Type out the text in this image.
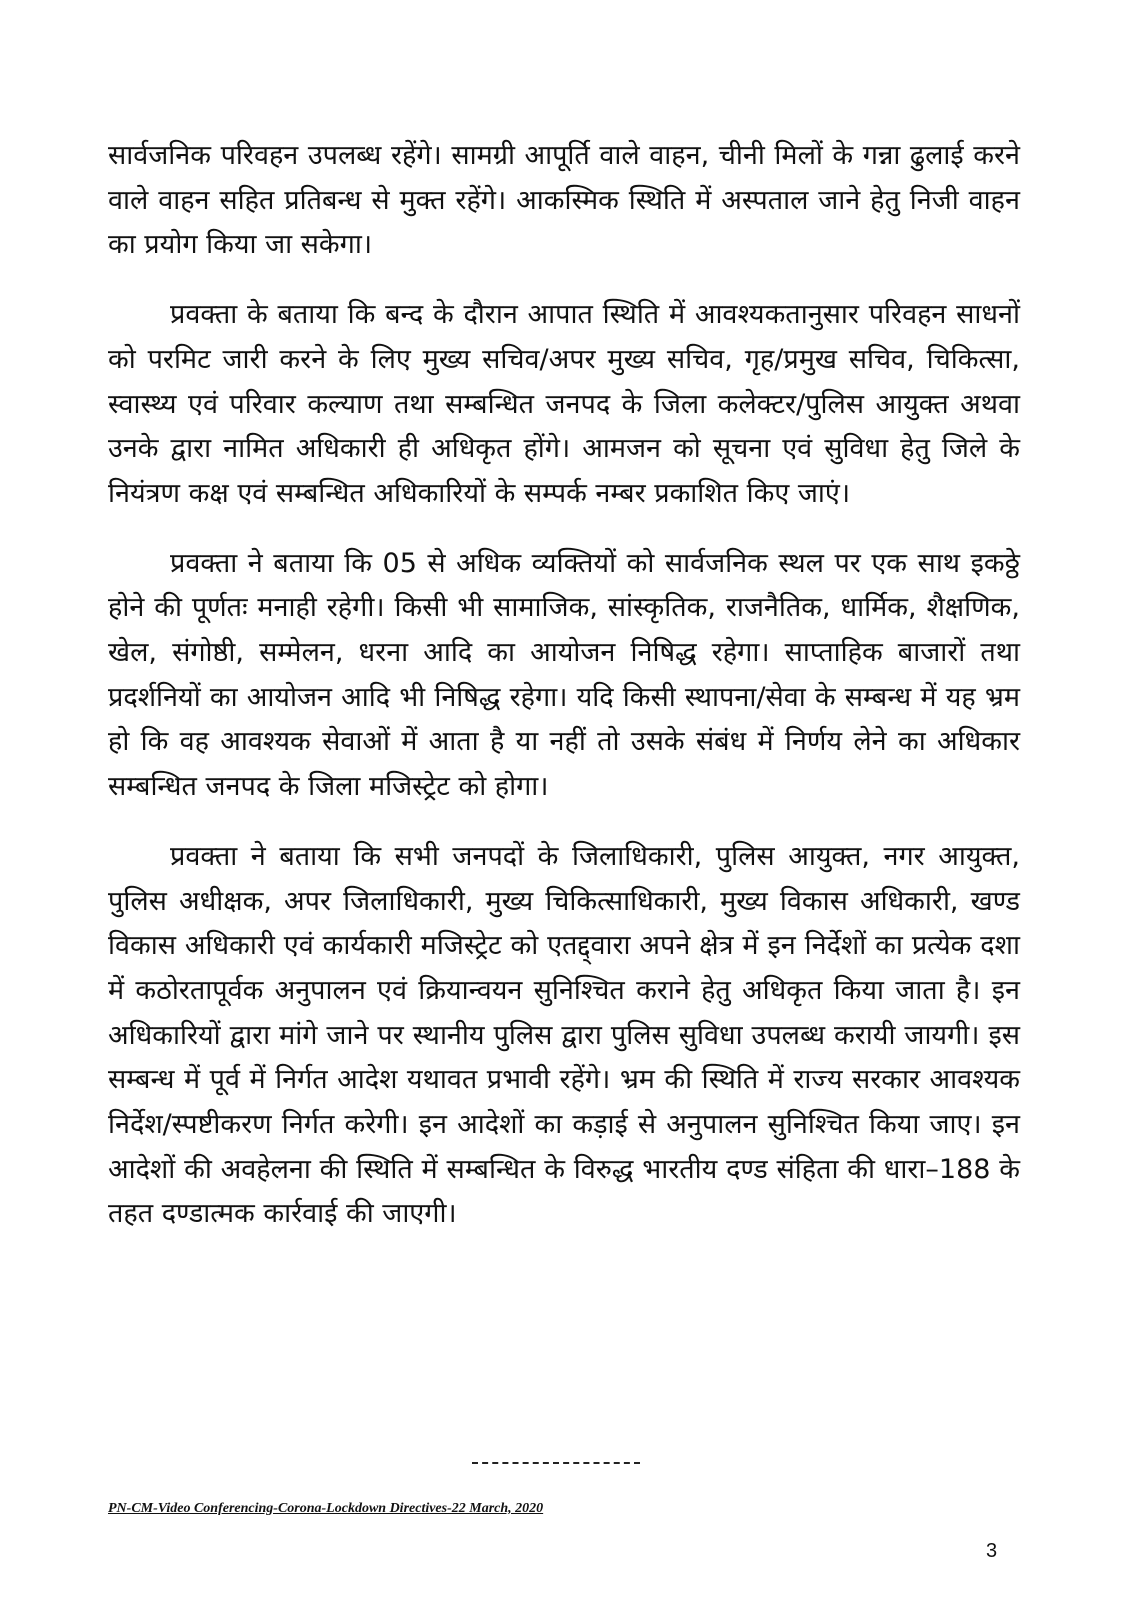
सार्वजनिक परिवहन उपलब्ध रहेंगे। सामग्री आपूर्ति वाले वाहन, चीनी मिलों के गन्ना ढुलाई करने वाले वाहन सहित प्रतिबन्ध से मुक्त रहेंगे। आकस्मिक स्थिति में अस्पताल जाने हेतु निजी वाहन का प्रयोग किया जा सकेगा।

प्रवक्ता के बताया कि बन्द के दौरान आपात स्थिति में आवश्यकतानुसार परिवहन साधनों को परमिट जारी करने के लिए मुख्य सचिव/अपर मुख्य सचिव, गृह/प्रमुख सचिव, चिकित्सा, स्वास्थ्य एवं परिवार कल्याण तथा सम्बन्धित जनपद के जिला कलेक्टर/पुलिस आयुक्त अथवा उनके द्वारा नामित अधिकारी ही अधिकृत होंगे। आमजन को सूचना एवं सुविधा हेतु जिले के नियंत्रण कक्ष एवं सम्बन्धित अधिकारियों के सम्पर्क नम्बर प्रकाशित किए जाएं।

प्रवक्ता ने बताया कि 05 से अधिक व्यक्तियों को सार्वजनिक स्थल पर एक साथ इकठ्ठे होने की पूर्णतः मनाही रहेगी। किसी भी सामाजिक, सांस्कृतिक, राजनैतिक, धार्मिक, शैक्षणिक, खेल, संगोष्ठी, सम्मेलन, धरना आदि का आयोजन निषिद्ध रहेगा। साप्ताहिक बाजारों तथा प्रदर्शनियों का आयोजन आदि भी निषिद्ध रहेगा। यदि किसी स्थापना/सेवा के सम्बन्ध में यह भ्रम हो कि वह आवश्यक सेवाओं में आता है या नहीं तो उसके संबंध में निर्णय लेने का अधिकार सम्बन्धित जनपद के जिला मजिस्ट्रेट को होगा।

प्रवक्ता ने बताया कि सभी जनपदों के जिलाधिकारी, पुलिस आयुक्त, नगर आयुक्त, पुलिस अधीक्षक, अपर जिलाधिकारी, मुख्य चिकित्साधिकारी, मुख्य विकास अधिकारी, खण्ड विकास अधिकारी एवं कार्यकारी मजिस्ट्रेट को एतद्द्वारा अपने क्षेत्र में इन निर्देशों का प्रत्येक दशा में कठोरतापूर्वक अनुपालन एवं क्रियान्वयन सुनिश्चित कराने हेतु अधिकृत किया जाता है। इन अधिकारियों द्वारा मांगे जाने पर स्थानीय पुलिस द्वारा पुलिस सुविधा उपलब्ध करायी जायगी। इस सम्बन्ध में पूर्व में निर्गत आदेश यथावत प्रभावी रहेंगे। भ्रम की स्थिति में राज्य सरकार आवश्यक निर्देश/स्पष्टीकरण निर्गत करेगी। इन आदेशों का कड़ाई से अनुपालन सुनिश्चित किया जाए। इन आदेशों की अवहेलना की स्थिति में सम्बन्धित के विरुद्ध भारतीय दण्ड संहिता की धारा–188 के तहत दण्डात्मक कार्रवाई की जाएगी।

PN-CM-Video Conferencing-Corona-Lockdown Directives-22 March, 2020
3
